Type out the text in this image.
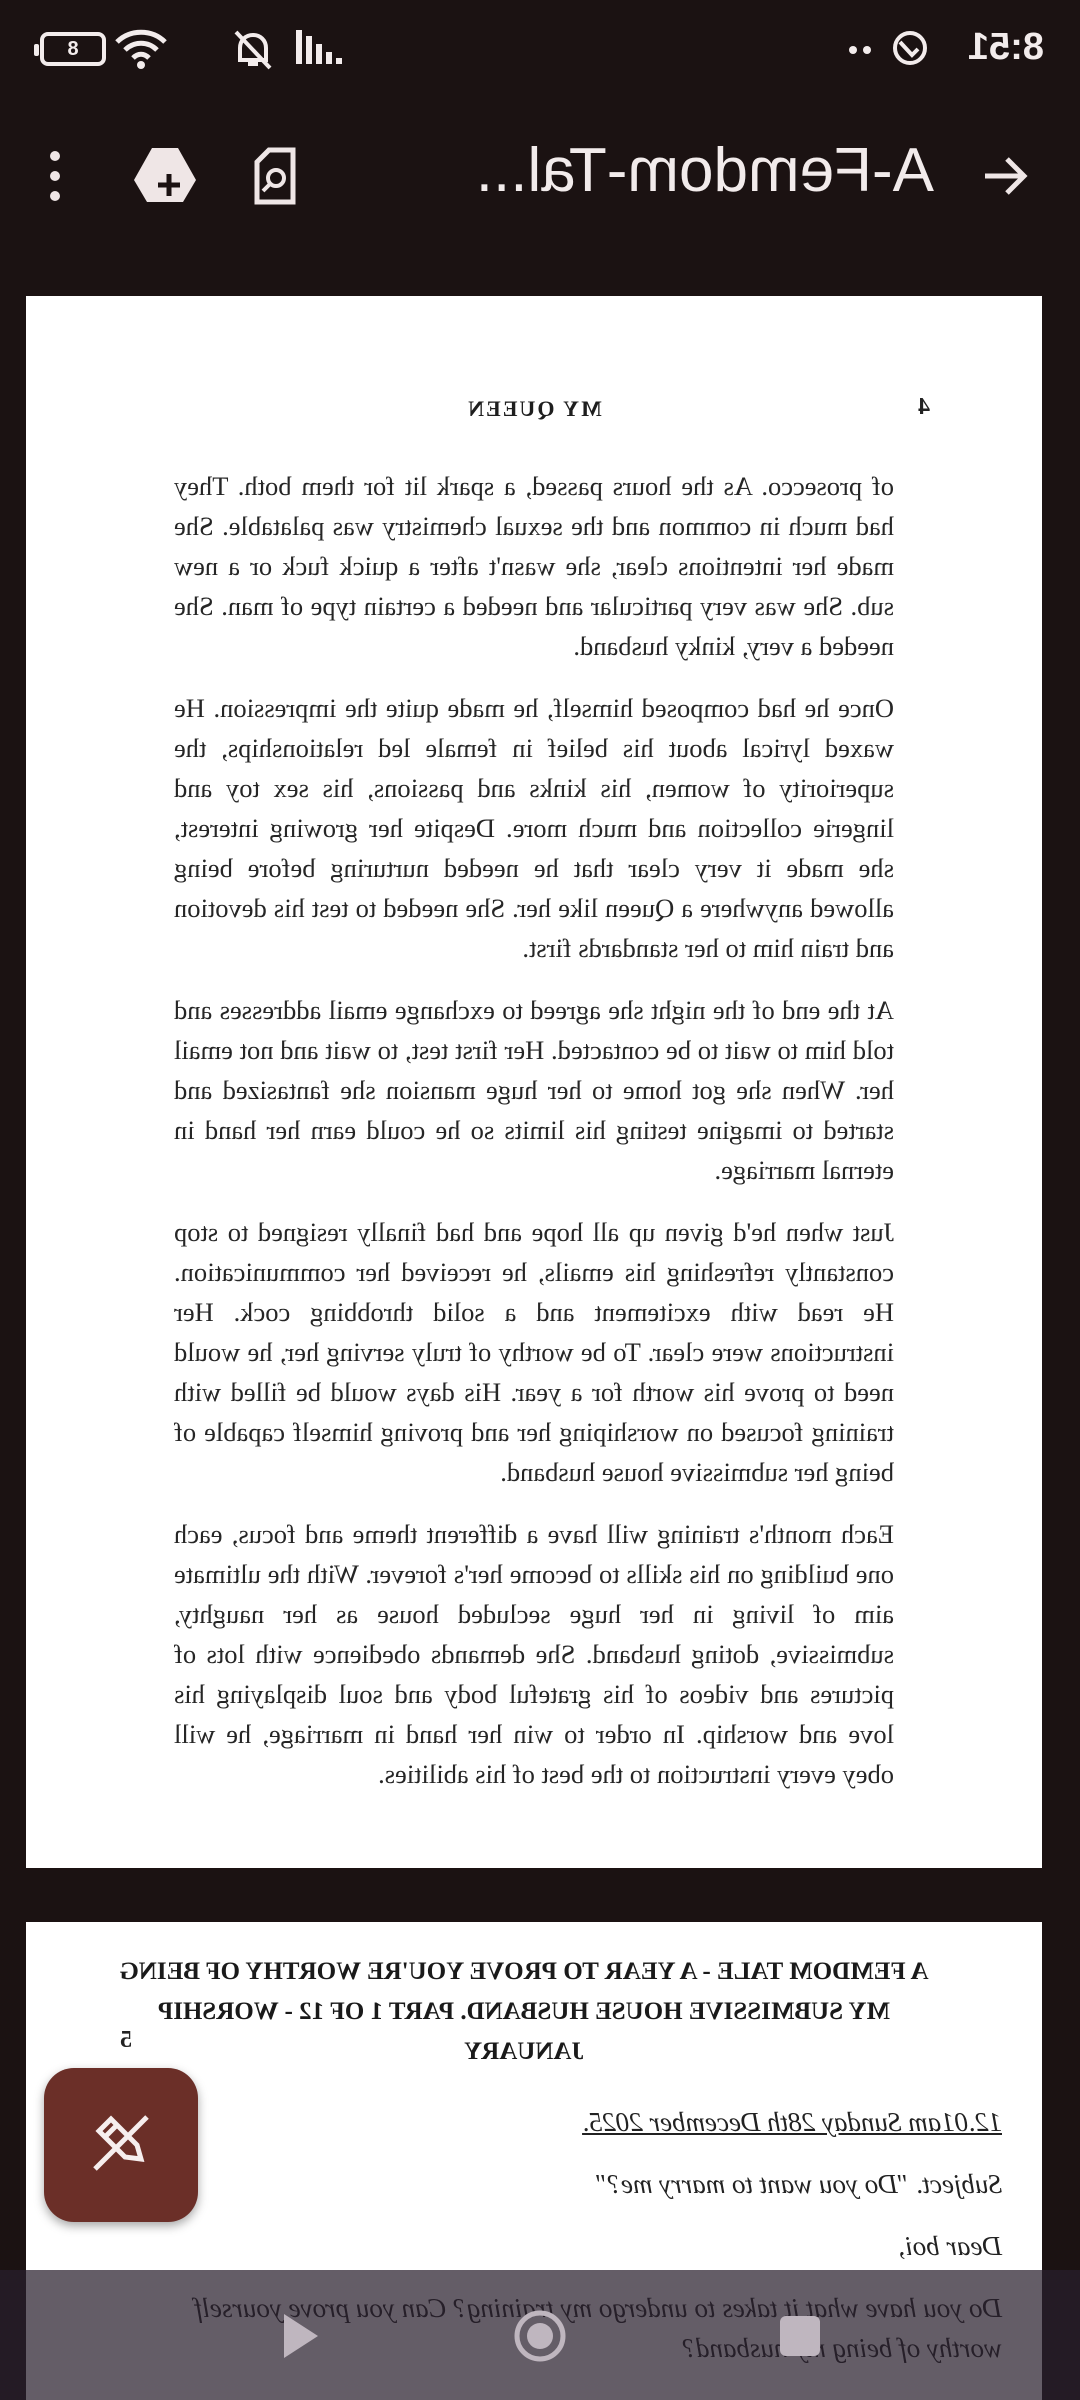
8:51
8
A-Femdom-Tal...
MY QUEEN	4

of prosecco. As the hours passed, a spark lit for them both. They had much in common and the sexual chemistry was palatable. She made her intentions clear, she wasn't after a quick fuck or a new sub. She was very particular and needed a certain type of man. She needed a very, kinky husband.

Once he had composed himself, he made quite the impression. He waxed lyrical about his belief in female led relationships, the superiority of women, his kinks and passions, his sex toy and lingerie collection and much more. Despite her growing interest, she made it very clear that he needed nurturing before being allowed anywhere a Queen like her. She needed to test his devotion and train him to her standards first.

At the end of the night she agreed to exchange email addresses and told him to wait to be contacted. Her first test, to wait and not email her. When she got home to her huge mansion she fantasized and started to imagine testing his limits so he could earn her hand in eternal marriage.

Just when he'd given up all hope and had finally resigned to stop constantly refreshing his emails, he received her communication. He read with excitement and a solid throbbing cock. Her instructions were clear. To be worthy of truly serving her, he would need to prove his worth for a year. His days would be filled with training focused on worshiping her and proving himself capable of being her submissive house husband.

Each month's training will have a different theme and focus, each one building on his skills to become her's forever. With the ultimate aim of living in her huge secluded house as her naughty, submissive, doting husband. She demands obedience with lots of pictures and videos of his grateful body and soul displaying his love and worship. In order to win her hand in marriage, he will obey every instruction to the best of his abilities.

A FEMDOM TALE - A YEAR TO PROVE YOU'RE WORTHY OF BEING MY SUBMISSIVE HOUSE HUSBAND. PART 1 OF 12 - WORSHIP JANUARY
5
12.01am Sunday 28th December 2025.
Subject. "Do you want to marry me?"
Dear boi,
